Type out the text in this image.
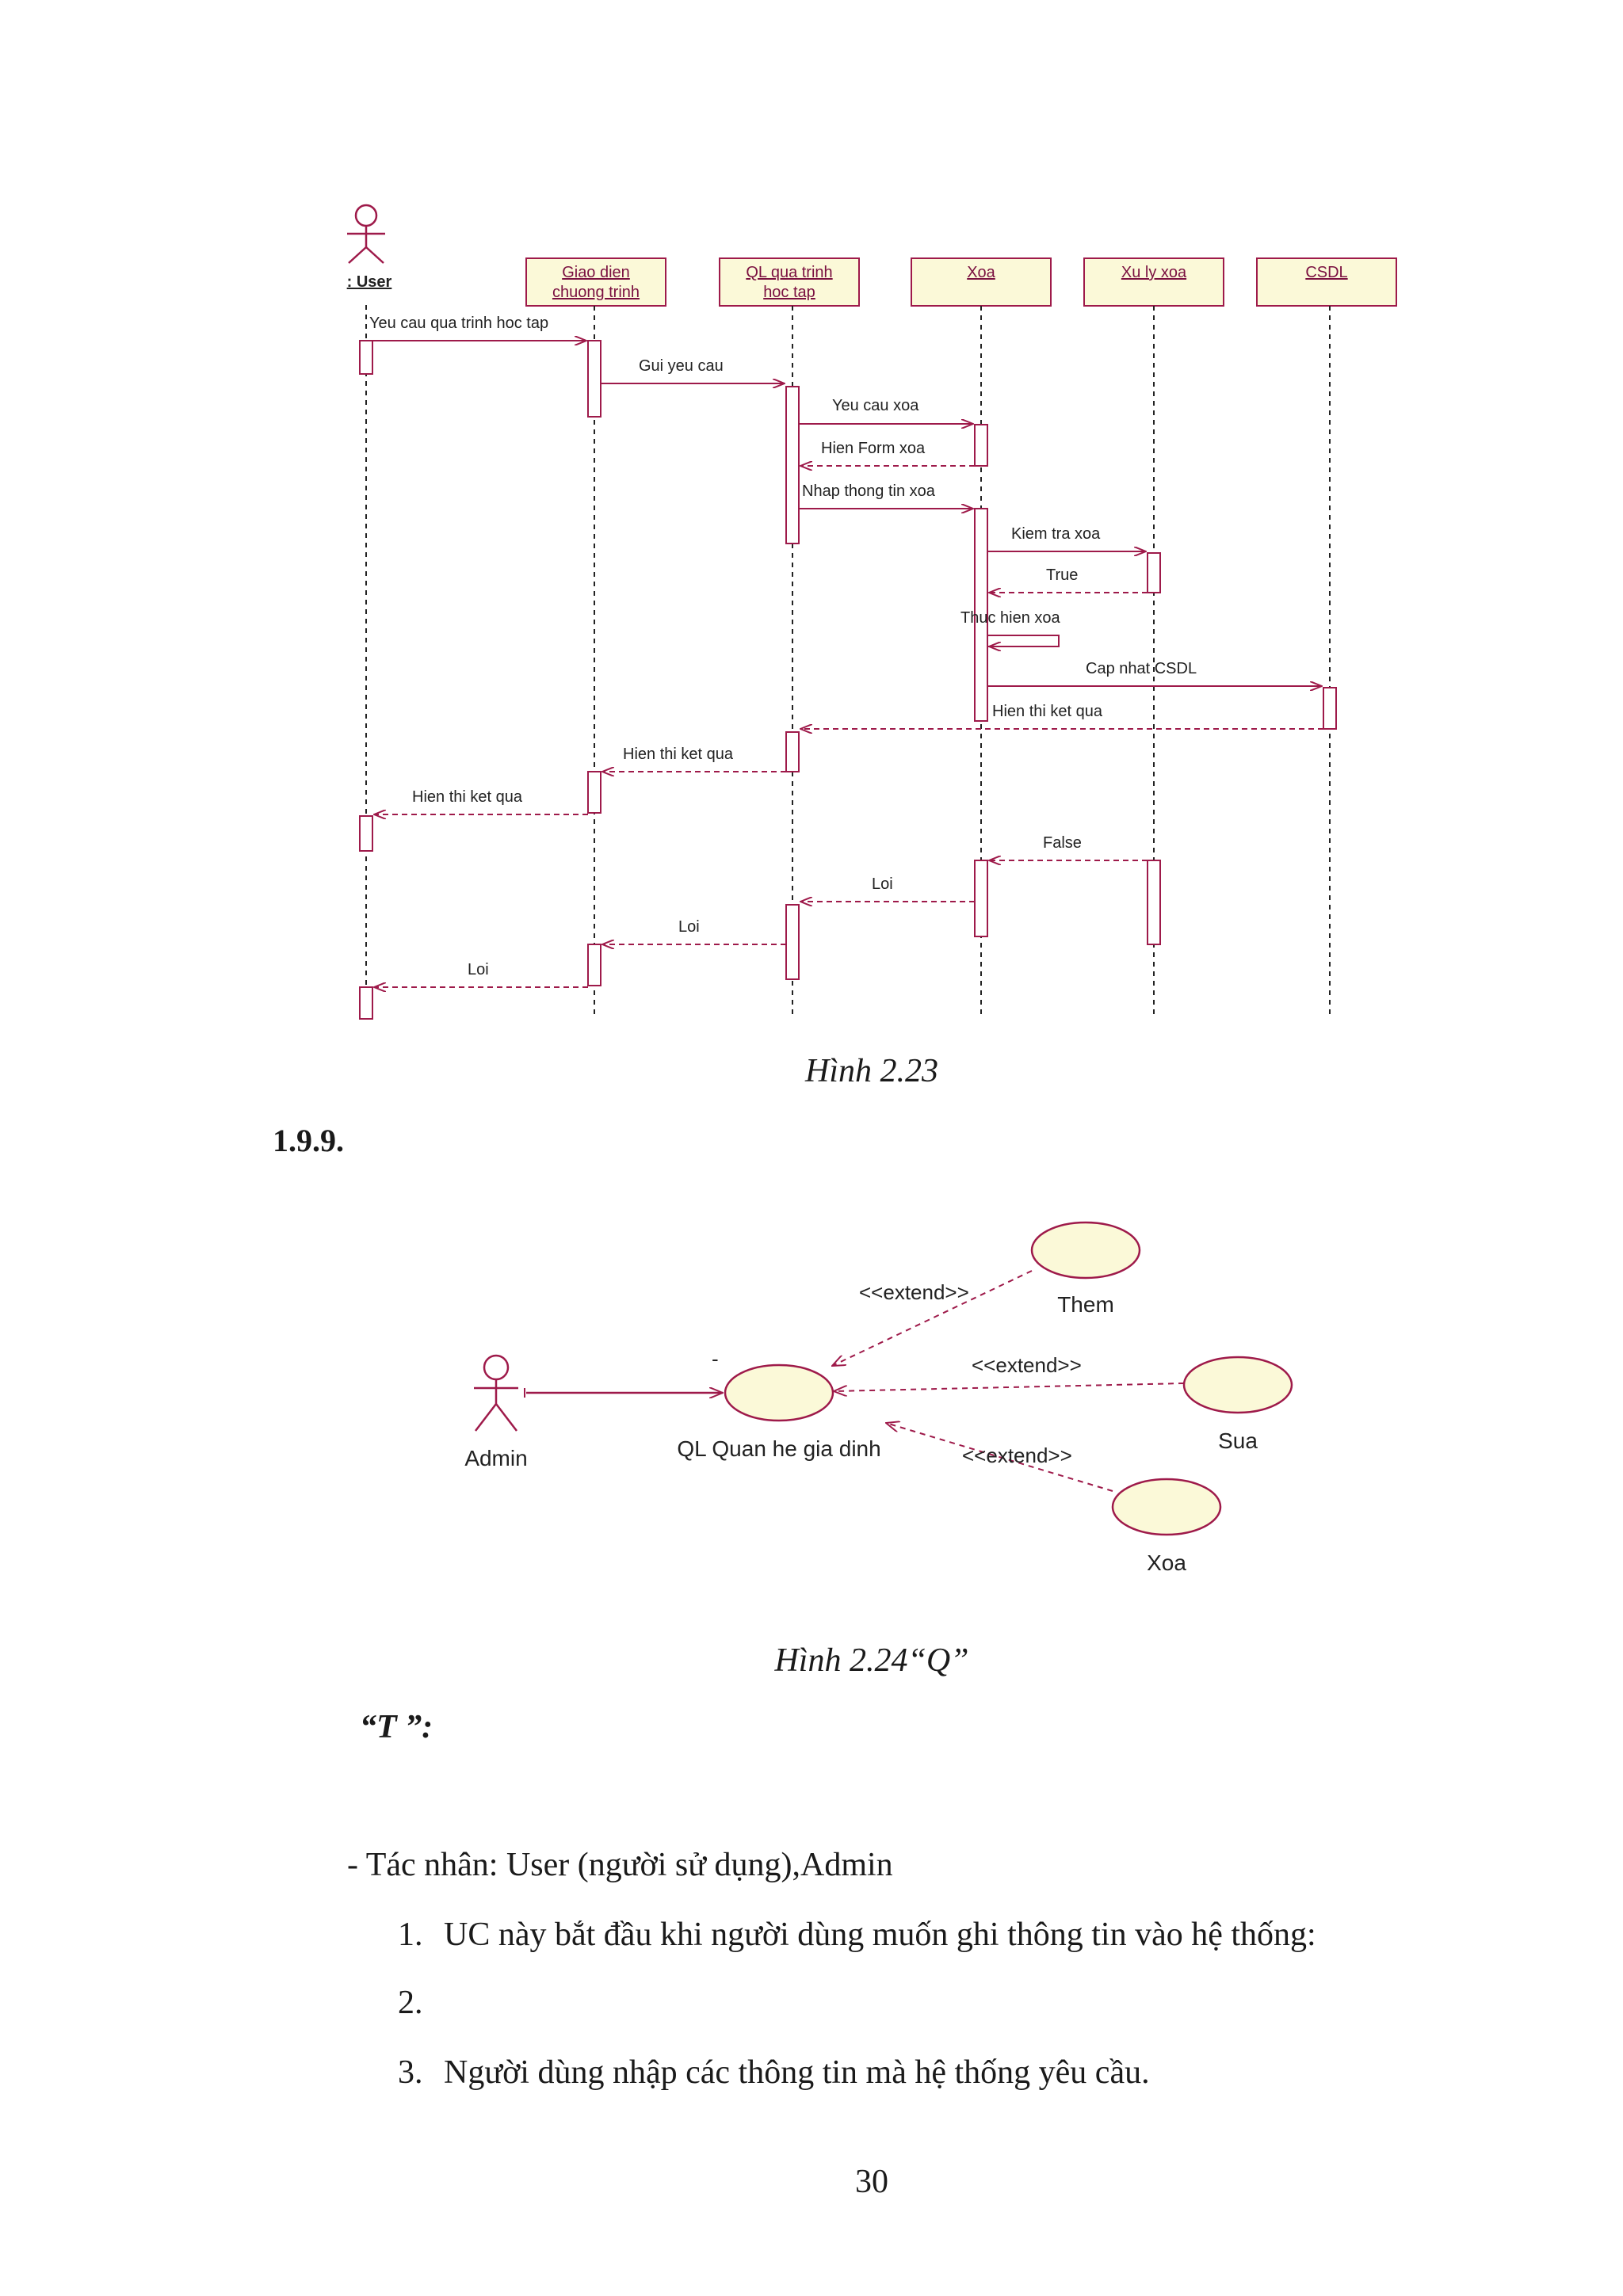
: User
Giao dien
chuong trinh
QL qua trinh
hoc tap
Xoa	Xu ly xoa	CSDL
Yeu cau qua trinh hoc tap
Gui yeu cau
Yeu cau xoa
Hien Form xoa
Nhap thong tin xoa
Kiem tra xoa
True
Thuc hien xoa
Cap nhat CSDL
Hien thi ket qua
Hien thi ket qua
Hien thi ket qua
False
Loi
Loi
Loi
Hình 2.23
1.9.9.
Admin
-
QL Quan he gia dinh
Them
Sua
Xoa
<<extend>>
<<extend>>
<<extend>>
Hình 2.24“Q”
“T ”:
- Tác nhân: User (người sử dụng),Admin
1. UC này bắt đầu khi người dùng muốn ghi thông tin vào hệ thống:
2.
3. Người dùng nhập các thông tin mà hệ thống yêu cầu.
30
